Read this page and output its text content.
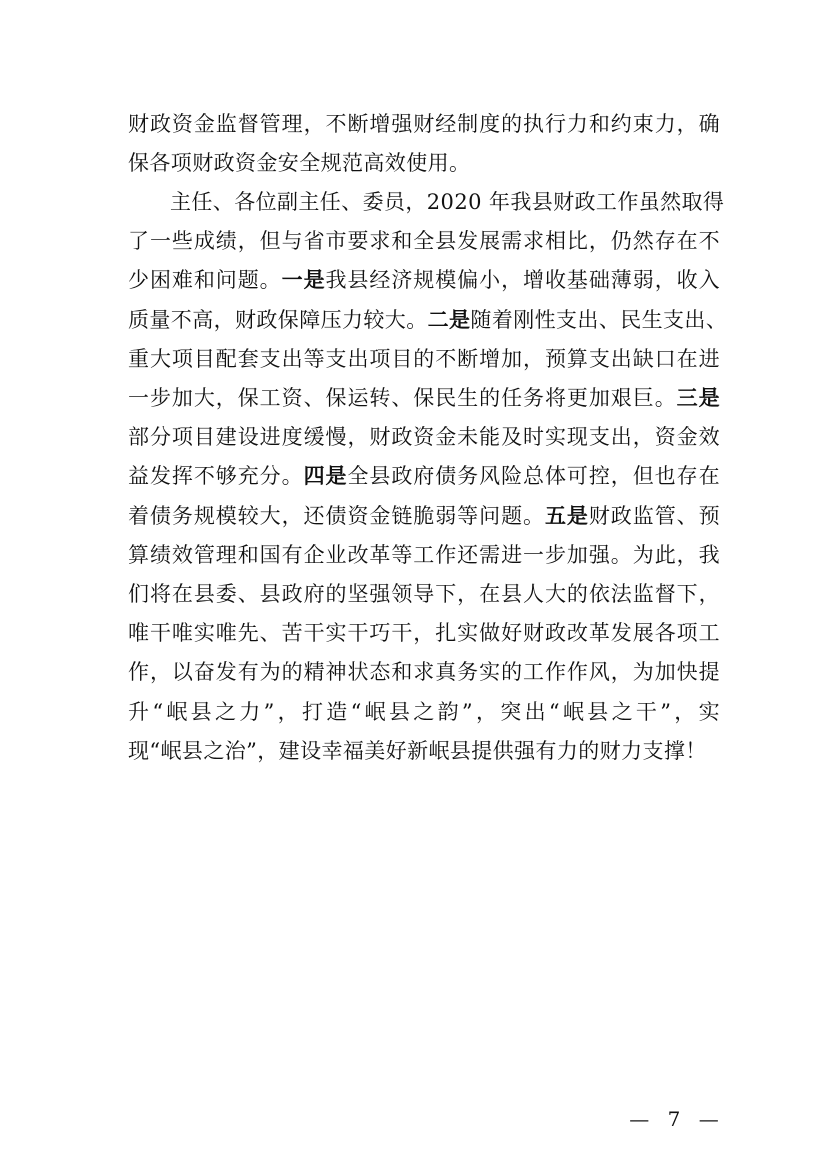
财政资金监督管理，不断增强财经制度的执行力和约束力，确
保各项财政资金安全规范高效使用。
主任、各位副主任、委员，2020 年我县财政工作虽然取得
了一些成绩，但与省市要求和全县发展需求相比，仍然存在不
少困难和问题。一是我县经济规模偏小，增收基础薄弱，收入
质量不高，财政保障压力较大。二是随着刚性支出、民生支出、
重大项目配套支出等支出项目的不断增加，预算支出缺口在进
一步加大，保工资、保运转、保民生的任务将更加艰巨。三是
部分项目建设进度缓慢，财政资金未能及时实现支出，资金效
益发挥不够充分。四是全县政府债务风险总体可控，但也存在
着债务规模较大，还债资金链脆弱等问题。五是财政监管、预
算绩效管理和国有企业改革等工作还需进一步加强。为此，我
们将在县委、县政府的坚强领导下，在县人大的依法监督下，
唯干唯实唯先、苦干实干巧干，扎实做好财政改革发展各项工
作，以奋发有为的精神状态和求真务实的工作作风，为加快提
升“岷县之力”，打造“岷县之韵”，突出“岷县之干”，实
现“岷县之治”，建设幸福美好新岷县提供强有力的财力支撑！
— 7 —
